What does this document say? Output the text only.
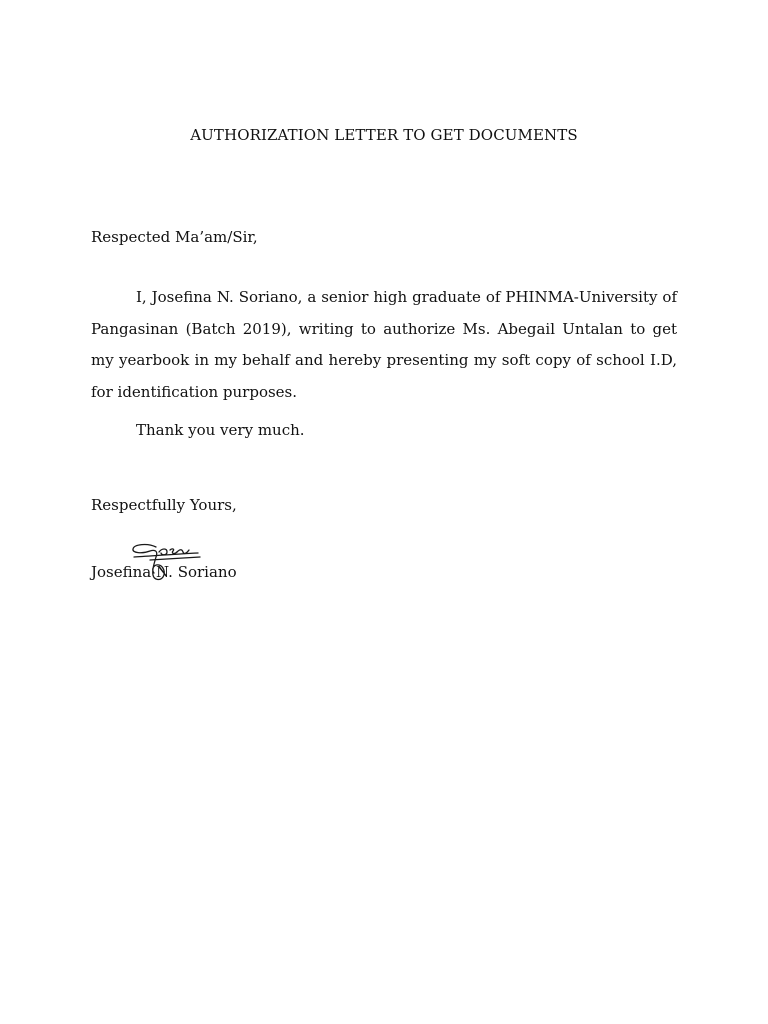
AUTHORIZATION LETTER TO GET DOCUMENTS
Respected Ma’am/Sir,

I, Josefina N. Soriano, a senior high graduate of PHINMA-University of Pangasinan (Batch 2019), writing to authorize Ms. Abegail Untalan to get my yearbook in my behalf and hereby presenting my soft copy of school I.D, for identification purposes.

Thank you very much.
Respectfully Yours,
Josefina N. Soriano
